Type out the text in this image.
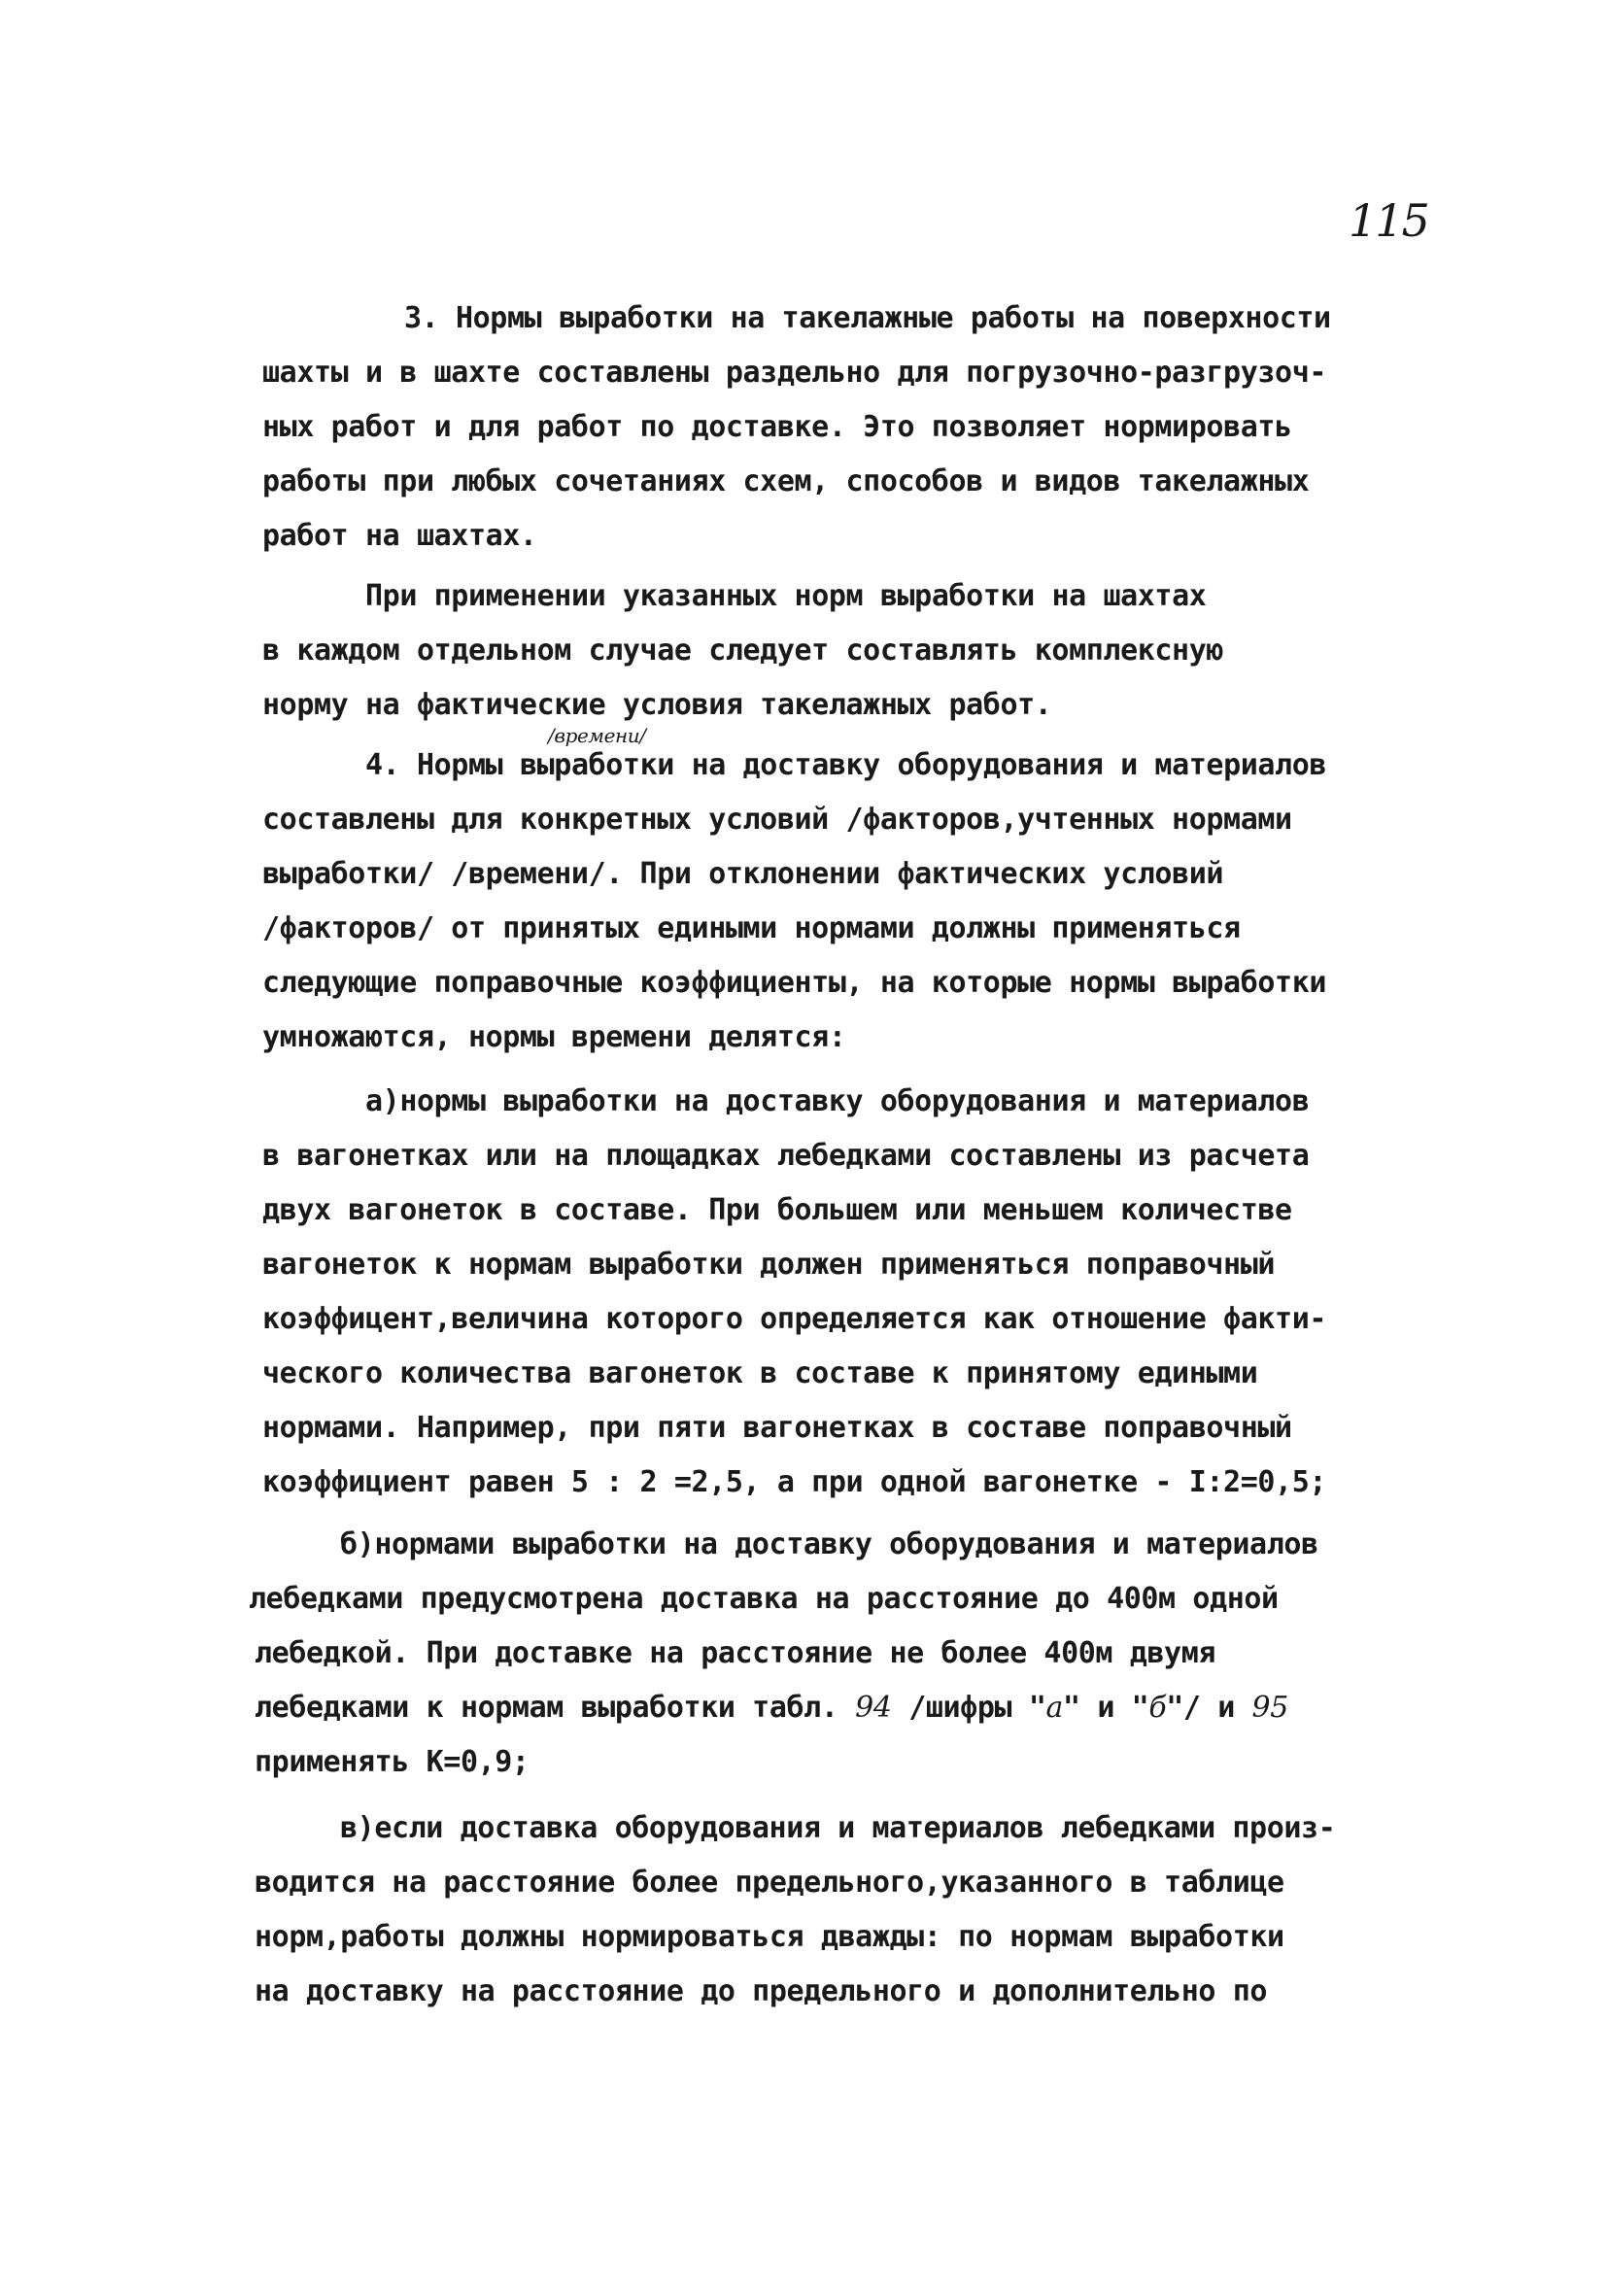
115
3. Нормы выработки на такелажные работы на поверхности
шахты и в шахте составлены раздельно для погрузочно-разгрузоч-
ных работ и для работ по доставке. Это позволяет нормировать
работы при любых сочетаниях схем, способов и видов такелажных
работ на шахтах.
При применении указанных норм выработки на шахтах
в каждом отдельном случае следует составлять комплексную
норму на фактические условия такелажных работ.
/времени/
4. Нормы выработки на доставку оборудования и материалов
составлены для конкретных условий /факторов,учтенных нормами
выработки/ /времени/. При отклонении фактических условий
/факторов/ от принятых едиными нормами должны применяться
следующие поправочные коэффициенты, на которые нормы выработки
умножаются, нормы времени делятся:
а)нормы выработки на доставку оборудования и материалов
в вагонетках или на площадках лебедками составлены из расчета
двух вагонеток в составе. При большем или меньшем количестве
вагонеток к нормам выработки должен применяться поправочный
коэффицент,величина которого определяется как отношение факти-
ческого количества вагонеток в составе к принятому едиными
нормами. Например, при пяти вагонетках в составе поправочный
коэффициент равен 5 : 2 =2,5, а при одной вагонетке - I:2=0,5;
б)нормами выработки на доставку оборудования и материалов
лебедками предусмотрена доставка на расстояние до 400м одной
лебедкой. При доставке на расстояние не более 400м двумя
лебедками к нормам выработки табл. 94 /шифры "а" и "б"/ и 95
применять К=0,9;
в)если доставка оборудования и материалов лебедками произ-
водится на расстояние более предельного,указанного в таблице
норм,работы должны нормироваться дважды: по нормам выработки
на доставку на расстояние до предельного и дополнительно по
